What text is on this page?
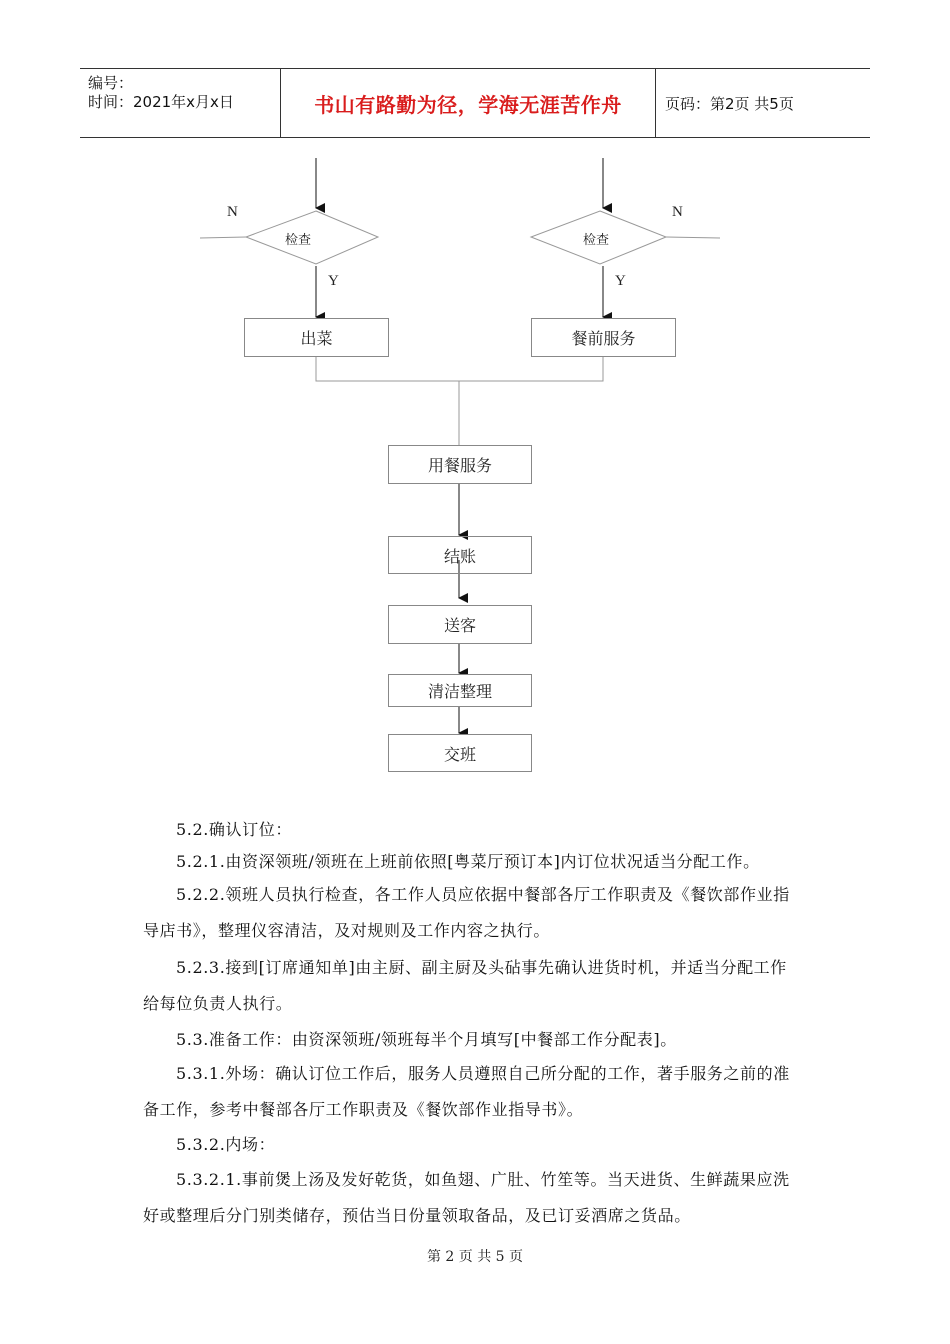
编号：
时间：2021年x月x日	书山有路勤为径，学海无涯苦作舟	页码：第2页 共5页
检查	检查
N	N
Y	Y
出菜	餐前服务
用餐服务
结账
送客
清洁整理
交班
5.2.确认订位：
5.2.1.由资深领班/领班在上班前依照[粤菜厅预订本]内订位状况适当分配工作。
5.2.2.领班人员执行检查，各工作人员应依据中餐部各厅工作职责及《餐饮部作业指
导店书》，整理仪容清洁，及对规则及工作内容之执行。
5.2.3.接到[订席通知单]由主厨、副主厨及头砧事先确认进货时机，并适当分配工作
给每位负责人执行。
5.3.准备工作：由资深领班/领班每半个月填写[中餐部工作分配表]。
5.3.1.外场：确认订位工作后，服务人员遵照自己所分配的工作，著手服务之前的准
备工作，参考中餐部各厅工作职责及《餐饮部作业指导书》。
5.3.2.内场：
5.3.2.1.事前煲上汤及发好乾货，如鱼翅、广肚、竹笙等。当天进货、生鲜蔬果应洗
好或整理后分门别类储存，预估当日份量领取备品，及已订妥酒席之货品。
第 2 页 共 5 页
